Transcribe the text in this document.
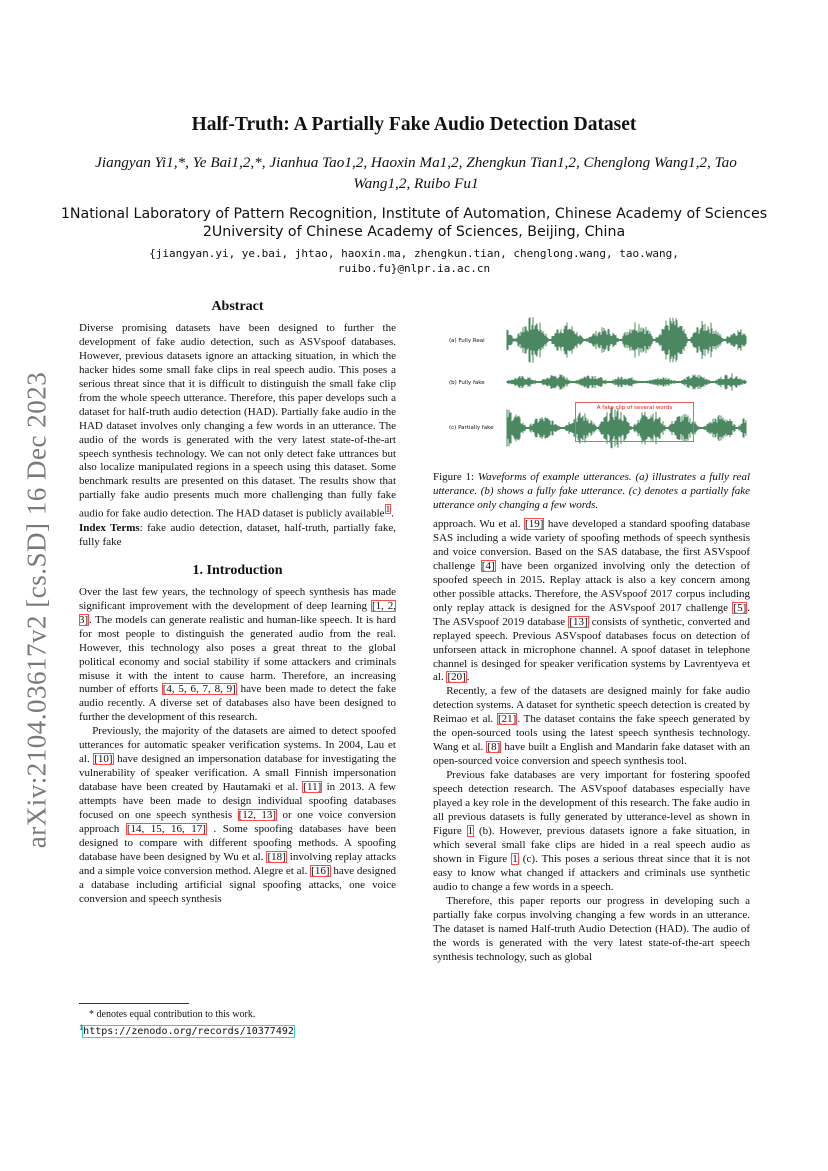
arXiv:2104.03617v2 [cs.SD] 16 Dec 2023
Half-Truth: A Partially Fake Audio Detection Dataset
Jiangyan Yi1,*, Ye Bai1,2,*, Jianhua Tao1,2, Haoxin Ma1,2, Zhengkun Tian1,2, Chenglong Wang1,2, Tao Wang1,2, Ruibo Fu1
1National Laboratory of Pattern Recognition, Institute of Automation, Chinese Academy of Sciences
2University of Chinese Academy of Sciences, Beijing, China
{jiangyan.yi, ye.bai, jhtao, haoxin.ma, zhengkun.tian, chenglong.wang, tao.wang,
ruibo.fu}@nlpr.ia.ac.cn
Abstract

Diverse promising datasets have been designed to further the development of fake audio detection, such as ASVspoof databases. However, previous datasets ignore an attacking situation, in which the hacker hides some small fake clips in real speech audio. This poses a serious threat since that it is difficult to distinguish the small fake clip from the whole speech utterance. Therefore, this paper develops such a dataset for half-truth audio detection (HAD). Partially fake audio in the HAD dataset involves only changing a few words in an utterance. The audio of the words is generated with the very latest state-of-the-art speech synthesis technology. We can not only detect fake uttrances but also localize manipulated regions in a speech using this dataset. Some benchmark results are presented on this dataset. The results show that partially fake audio presents much more challenging than fully fake audio for fake audio detection. The HAD dataset is publicly available$^1$.

Index Terms: fake audio detection, dataset, half-truth, partially fake, fully fake

1. Introduction

Over the last few years, the technology of speech synthesis has made significant improvement with the development of deep learning [1, 2, 3]. The models can generate realistic and human-like speech. It is hard for most people to distinguish the generated audio from the real. However, this technology also poses a great threat to the global political economy and social stability if some attackers and criminals misuse it with the intent to cause harm. Therefore, an increasing number of efforts [4, 5, 6, 7, 8, 9] have been made to detect the fake audio recently. A diverse set of databases also have been designed to further the development of this research.

Previously, the majority of the datasets are aimed to detect spoofed utterances for automatic speaker verification systems. In 2004, Lau et al. [10] have designed an impersonation database for investigating the vulnerability of speaker verification. A small Finnish impersonation database have been created by Hautamaki et al. [11] in 2013. A few attempts have been made to design individual spoofing databases focused on one speech synthesis [12, 13] or one voice conversion approach [14, 15, 16, 17] . Some spoofing databases have been designed to compare with different spoofing methods. A spoofing database have been designed by Wu et al. [18] involving replay attacks and a simple voice conversion method. Alegre et al. [16] have designed a database including artificial signal spoofing attacks, one voice conversion and speech synthesis

* denotes equal contribution to this work.
$^1$https://zenodo.org/records/10377492
(a) Fully Real
(b) Fully fake
(c) Partially fake
A fake clip of several words
Figure 1: Waveforms of example utterances. (a) illustrates a fully real utterance. (b) shows a fully fake utterance. (c) denotes a partially fake utterance only changing a few words.

approach. Wu et al. [19] have developed a standard spoofing database SAS including a wide variety of spoofing methods of speech synthesis and voice conversion. Based on the SAS database, the first ASVspoof challenge [4] have been organized involving only the detection of spoofed speech in 2015. Replay attack is also a key concern among other possible attacks. Therefore, the ASVspoof 2017 corpus including only replay attack is designed for the ASVspoof 2017 challenge [5]. The ASVspoof 2019 database [13] consists of synthetic, converted and replayed speech. Previous ASVspoof databases focus on detection of unforseen attack in microphone channel. A spoof dataset in telephone channel is desinged for speaker verification systems by Lavrentyeva et al. [20].

Recently, a few of the datasets are designed mainly for fake audio detection systems. A dataset for synthetic speech detection is created by Reimao et al. [21]. The dataset contains the fake speech generated by the open-sourced tools using the latest speech synthesis technology. Wang et al. [8] have built a English and Mandarin fake dataset with an open-sourced voice conversion and speech synthesis tool.

Previous fake databases are very important for fostering spoofed speech detection research. The ASVspoof databases especially have played a key role in the development of this research. The fake audio in all previous datasets is fully generated by utterance-level as shown in Figure 1 (b). However, previous datasets ignore a fake situation, in which several small fake clips are hided in a real speech audio as shown in Figure 1 (c). This poses a serious threat since that it is not easy to know what changed if attackers and criminals use synthetic audio to change a few words in a speech.

Therefore, this paper reports our progress in developing such a partially fake corpus involving changing a few words in an utterance. The dataset is named Half-truth Audio Detection (HAD). The audio of the words is generated with the very latest state-of-the-art speech synthesis technology, such as global
